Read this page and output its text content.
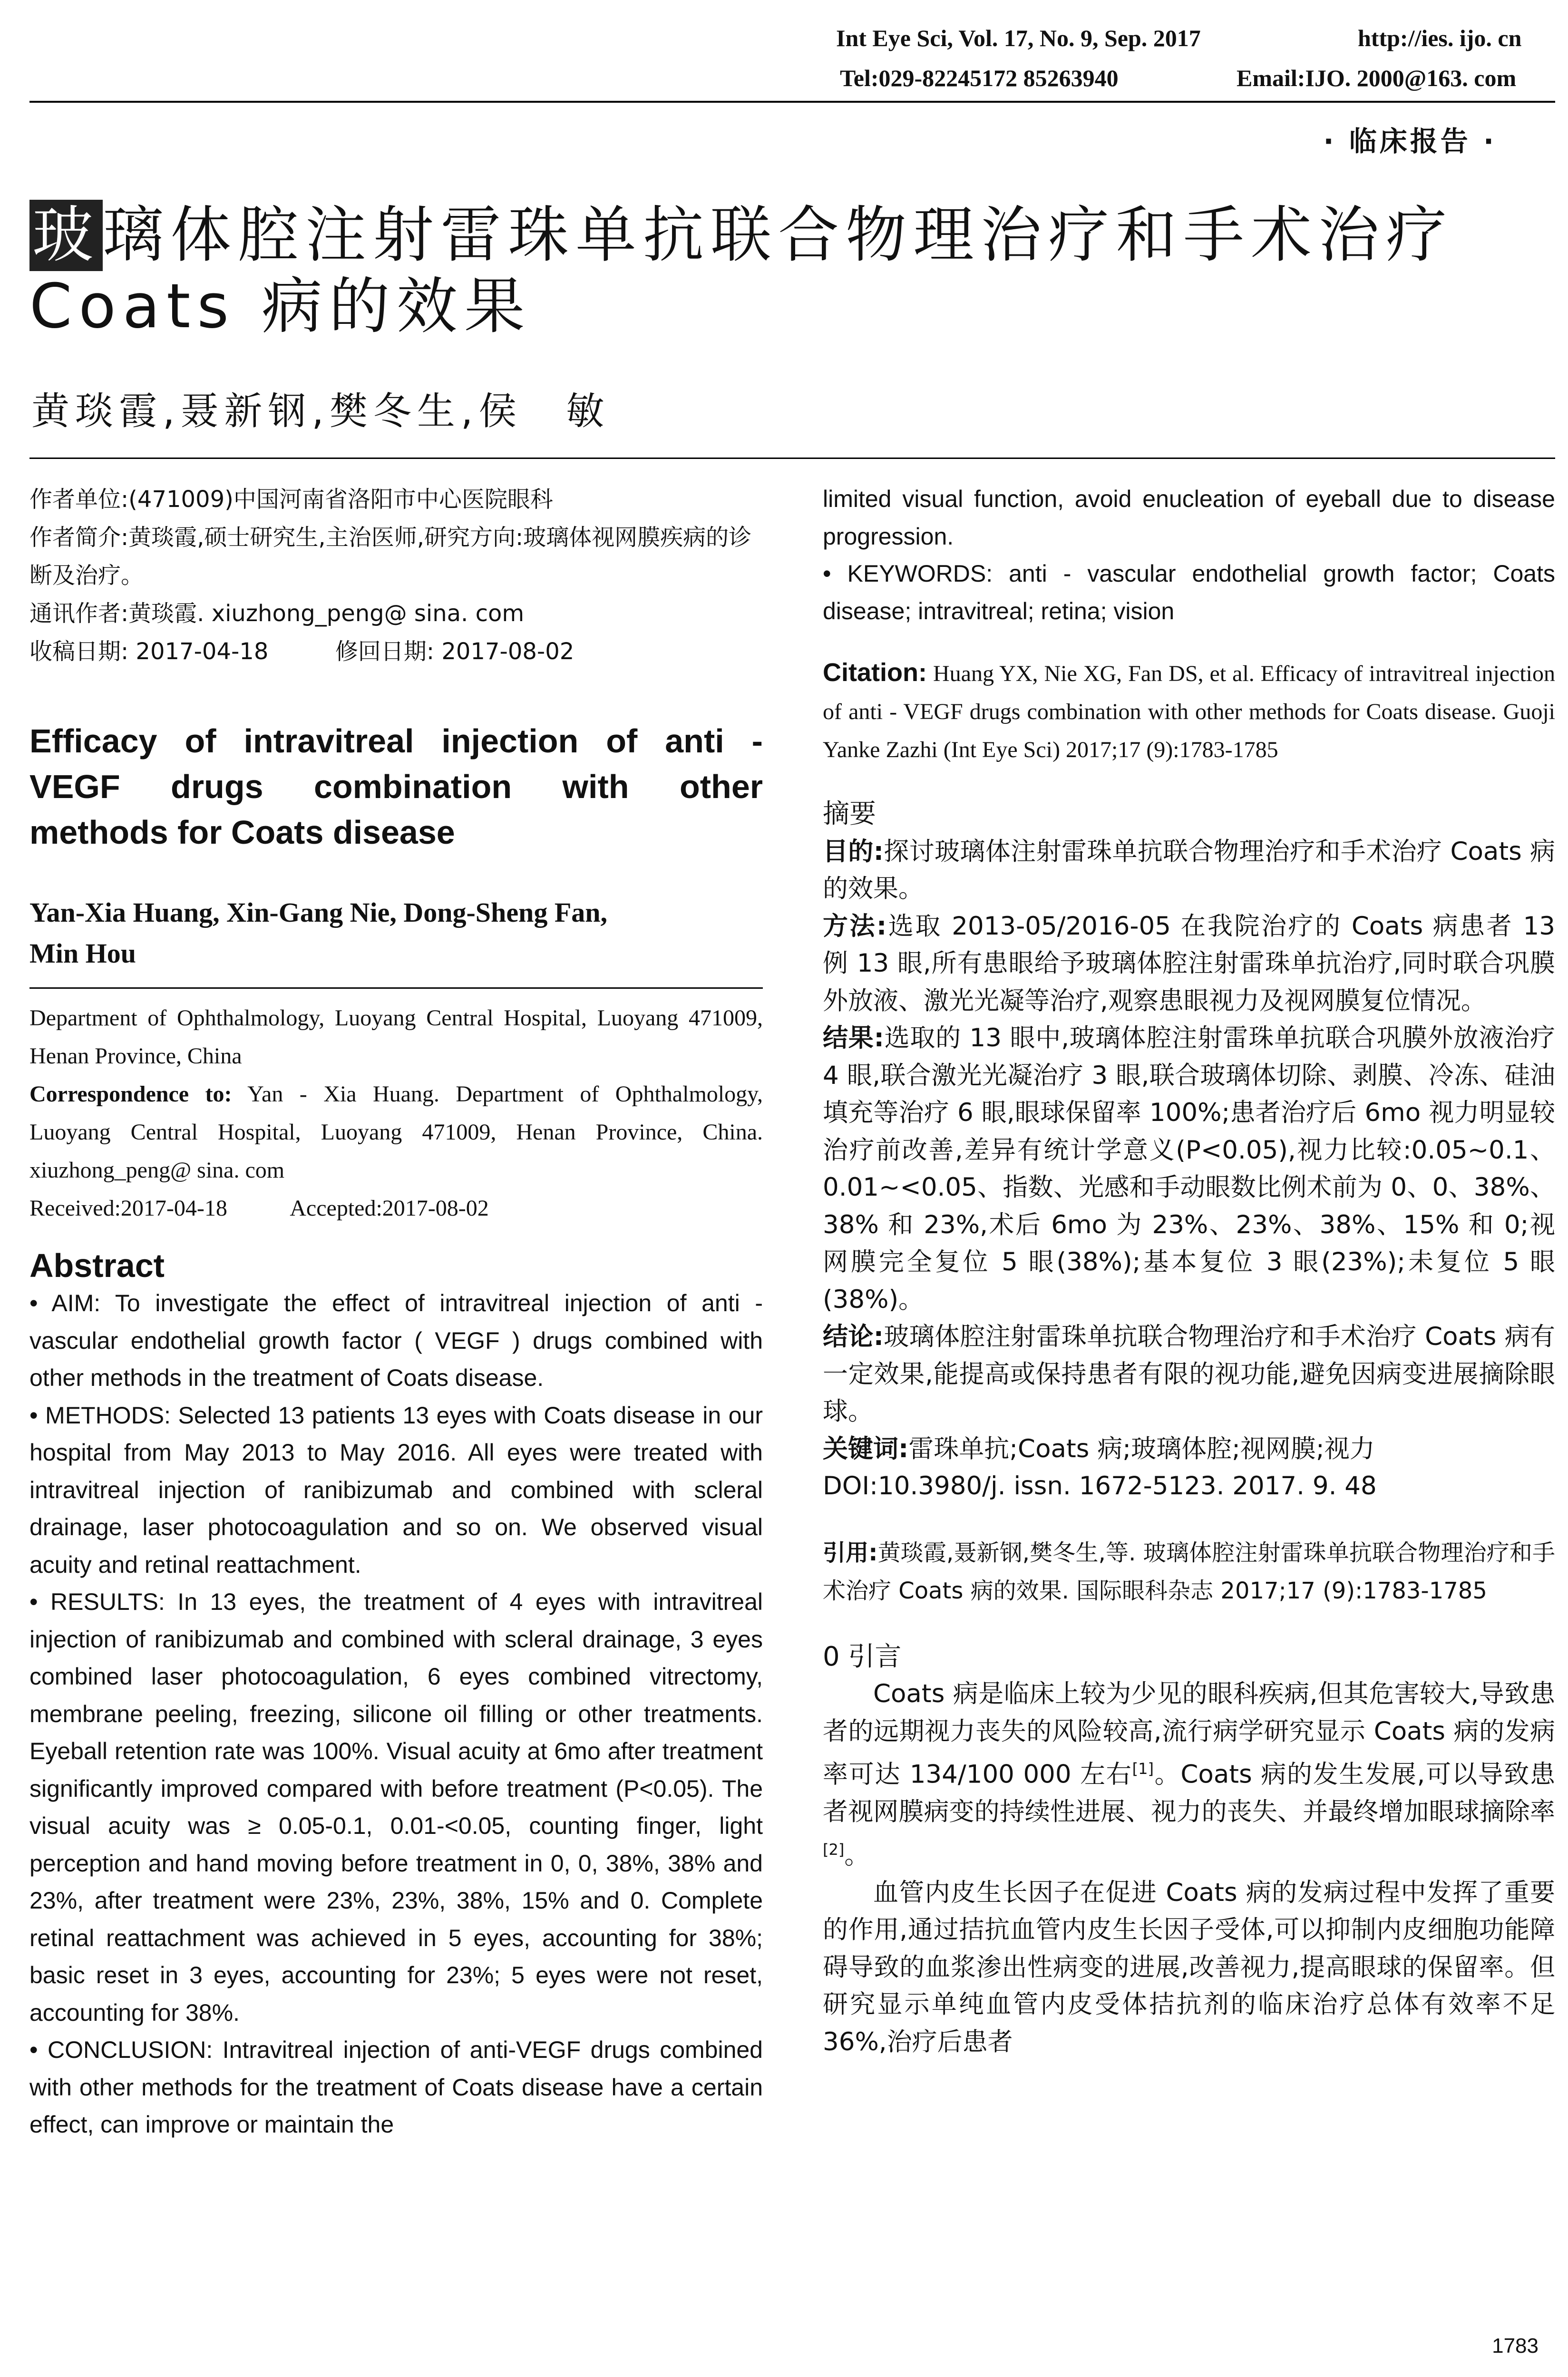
Int Eye Sci, Vol. 17, No. 9, Sep. 2017	http://ies. ijo. cn
Tel:029-82245172 85263940	Email:IJO. 2000@163. com
· 临床报告 ·
玻璃体腔注射雷珠单抗联合物理治疗和手术治疗 Coats 病的效果
黄琰霞,聂新钢,樊冬生,侯　敏
作者单位:(471009)中国河南省洛阳市中心医院眼科
作者简介:黄琰霞,硕士研究生,主治医师,研究方向:玻璃体视网膜疾病的诊断及治疗。
通讯作者:黄琰霞. xiuzhong_peng@ sina. com
收稿日期: 2017-04-18	修回日期: 2017-08-02
Efficacy of intravitreal injection of anti -
VEGF drugs combination with other
methods for Coats disease
Yan-Xia Huang, Xin-Gang Nie, Dong-Sheng Fan,
Min Hou
Department of Ophthalmology, Luoyang Central Hospital, Luoyang 471009, Henan Province, China
Correspondence to: Yan - Xia Huang. Department of Ophthalmology, Luoyang Central Hospital, Luoyang 471009, Henan Province, China. xiuzhong_peng@ sina. com
Received:2017-04-18	Accepted:2017-08-02
Abstract

• AIM: To investigate the effect of intravitreal injection of anti - vascular endothelial growth factor ( VEGF ) drugs combined with other methods in the treatment of Coats disease.

• METHODS: Selected 13 patients 13 eyes with Coats disease in our hospital from May 2013 to May 2016. All eyes were treated with intravitreal injection of ranibizumab and combined with scleral drainage, laser photocoagulation and so on. We observed visual acuity and retinal reattachment.

• RESULTS: In 13 eyes, the treatment of 4 eyes with intravitreal injection of ranibizumab and combined with scleral drainage, 3 eyes combined laser photocoagulation, 6 eyes combined vitrectomy, membrane peeling, freezing, silicone oil filling or other treatments. Eyeball retention rate was 100%. Visual acuity at 6mo after treatment significantly improved compared with before treatment (P<0.05). The visual acuity was ≥ 0.05-0.1, 0.01-<0.05, counting finger, light perception and hand moving before treatment in 0, 0, 38%, 38% and 23%, after treatment were 23%, 23%, 38%, 15% and 0. Complete retinal reattachment was achieved in 5 eyes, accounting for 38%; basic reset in 3 eyes, accounting for 23%; 5 eyes were not reset, accounting for 38%.

• CONCLUSION: Intravitreal injection of anti-VEGF drugs combined with other methods for the treatment of Coats disease have a certain effect, can improve or maintain the

limited visual function, avoid enucleation of eyeball due to disease progression.

• KEYWORDS: anti - vascular endothelial growth factor; Coats disease; intravitreal; retina; vision

Citation: Huang YX, Nie XG, Fan DS, et al. Efficacy of intravitreal injection of anti - VEGF drugs combination with other methods for Coats disease. Guoji Yanke Zazhi (Int Eye Sci) 2017;17 (9):1783-1785
摘要

目的:探讨玻璃体注射雷珠单抗联合物理治疗和手术治疗 Coats 病的效果。

方法:选取 2013-05/2016-05 在我院治疗的 Coats 病患者 13 例 13 眼,所有患眼给予玻璃体腔注射雷珠单抗治疗,同时联合巩膜外放液、激光光凝等治疗,观察患眼视力及视网膜复位情况。

结果:选取的 13 眼中,玻璃体腔注射雷珠单抗联合巩膜外放液治疗 4 眼,联合激光光凝治疗 3 眼,联合玻璃体切除、剥膜、冷冻、硅油填充等治疗 6 眼,眼球保留率 100%;患者治疗后 6mo 视力明显较治疗前改善,差异有统计学意义(P<0.05),视力比较:0.05~0.1、0.01~<0.05、指数、光感和手动眼数比例术前为 0、0、38%、38% 和 23%,术后 6mo 为 23%、23%、38%、15% 和 0;视网膜完全复位 5 眼(38%);基本复位 3 眼(23%);未复位 5 眼(38%)。

结论:玻璃体腔注射雷珠单抗联合物理治疗和手术治疗 Coats 病有一定效果,能提高或保持患者有限的视功能,避免因病变进展摘除眼球。

关键词:雷珠单抗;Coats 病;玻璃体腔;视网膜;视力

DOI:10.3980/j. issn. 1672-5123. 2017. 9. 48

引用:黄琰霞,聂新钢,樊冬生,等. 玻璃体腔注射雷珠单抗联合物理治疗和手术治疗 Coats 病的效果. 国际眼科杂志 2017;17 (9):1783-1785

0 引言

Coats 病是临床上较为少见的眼科疾病,但其危害较大,导致患者的远期视力丧失的风险较高,流行病学研究显示 Coats 病的发病率可达 134/100 000 左右[1]。Coats 病的发生发展,可以导致患者视网膜病变的持续性进展、视力的丧失、并最终增加眼球摘除率[2]。

血管内皮生长因子在促进 Coats 病的发病过程中发挥了重要的作用,通过拮抗血管内皮生长因子受体,可以抑制内皮细胞功能障碍导致的血浆渗出性病变的进展,改善视力,提高眼球的保留率。但研究显示单纯血管内皮受体拮抗剂的临床治疗总体有效率不足 36%,治疗后患者

1783
